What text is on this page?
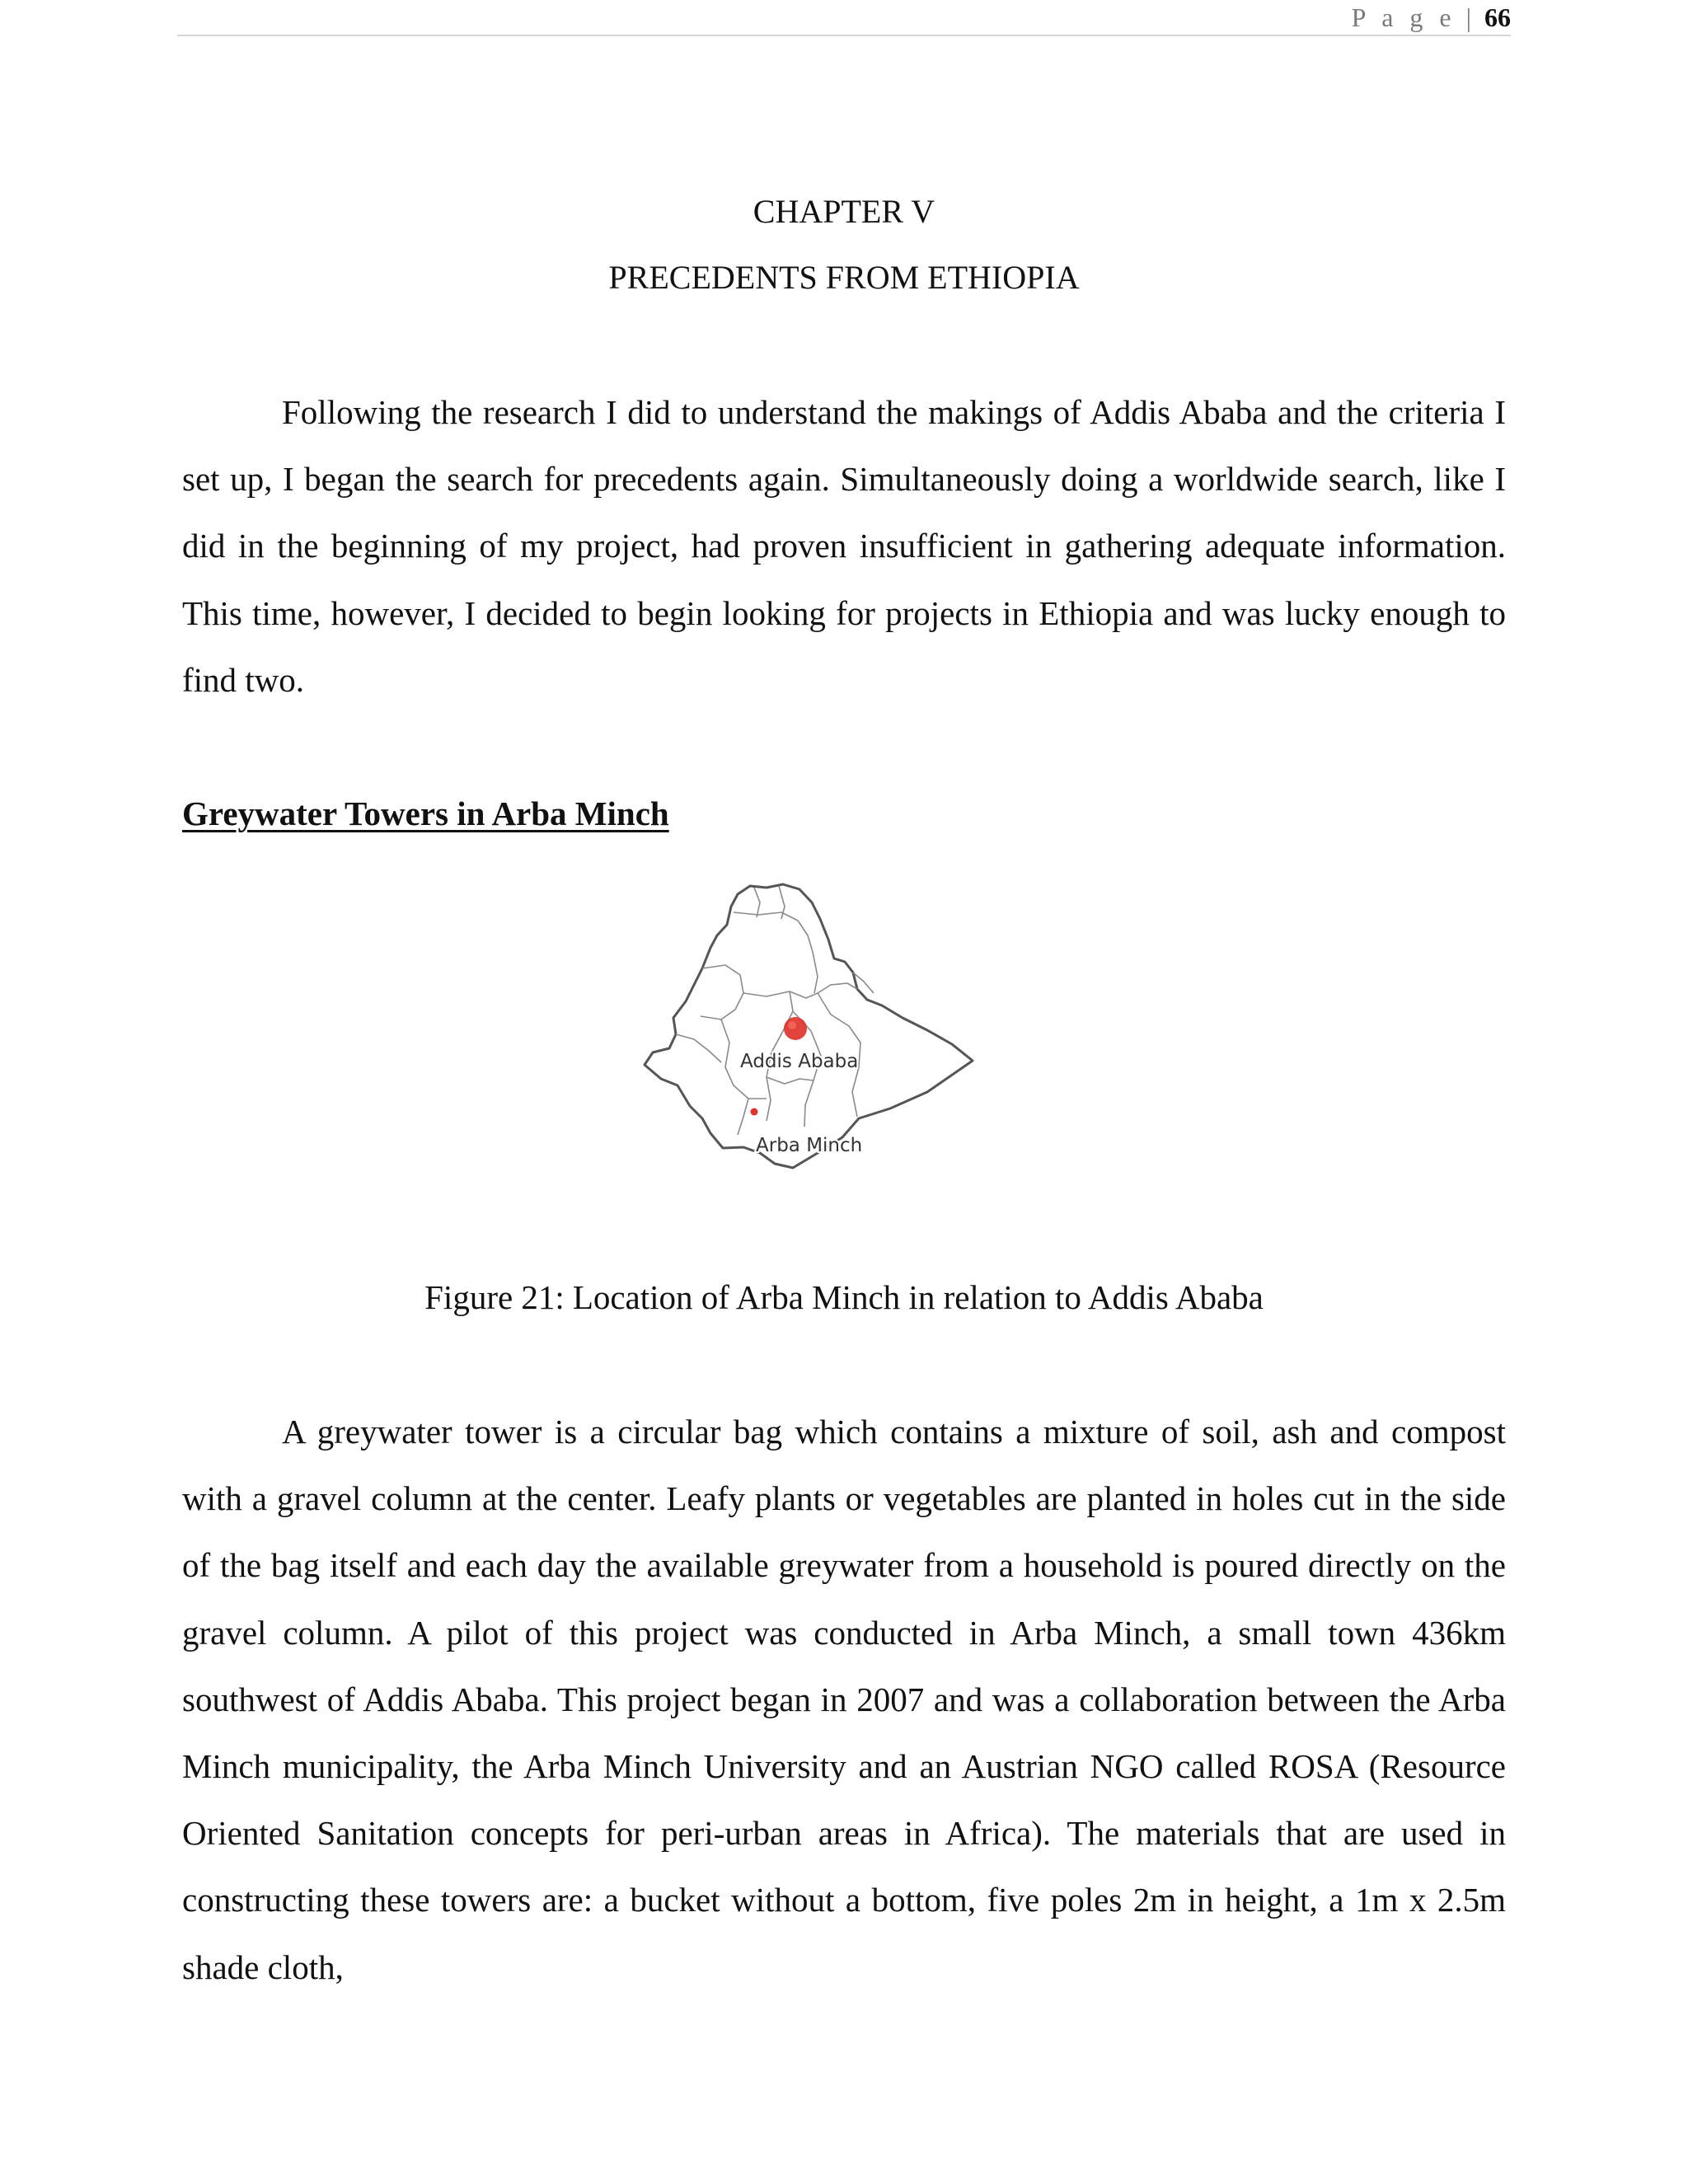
P a g e | 66
CHAPTER V
PRECEDENTS FROM ETHIOPIA

Following the research I did to understand the makings of Addis Ababa and the criteria I set up, I began the search for precedents again. Simultaneously doing a worldwide search, like I did in the beginning of my project, had proven insufficient in gathering adequate information. This time, however, I decided to begin looking for projects in Ethiopia and was lucky enough to find two.

Greywater Towers in Arba Minch
Addis Ababa
Arba Minch

Figure 21: Location of Arba Minch in relation to Addis Ababa

A greywater tower is a circular bag which contains a mixture of soil, ash and compost with a gravel column at the center. Leafy plants or vegetables are planted in holes cut in the side of the bag itself and each day the available greywater from a household is poured directly on the gravel column. A pilot of this project was conducted in Arba Minch, a small town 436km southwest of Addis Ababa. This project began in 2007 and was a collaboration between the Arba Minch municipality, the Arba Minch University and an Austrian NGO called ROSA (Resource Oriented Sanitation concepts for peri-urban areas in Africa). The materials that are used in constructing these towers are: a bucket without a bottom, five poles 2m in height, a 1m x 2.5m shade cloth,
